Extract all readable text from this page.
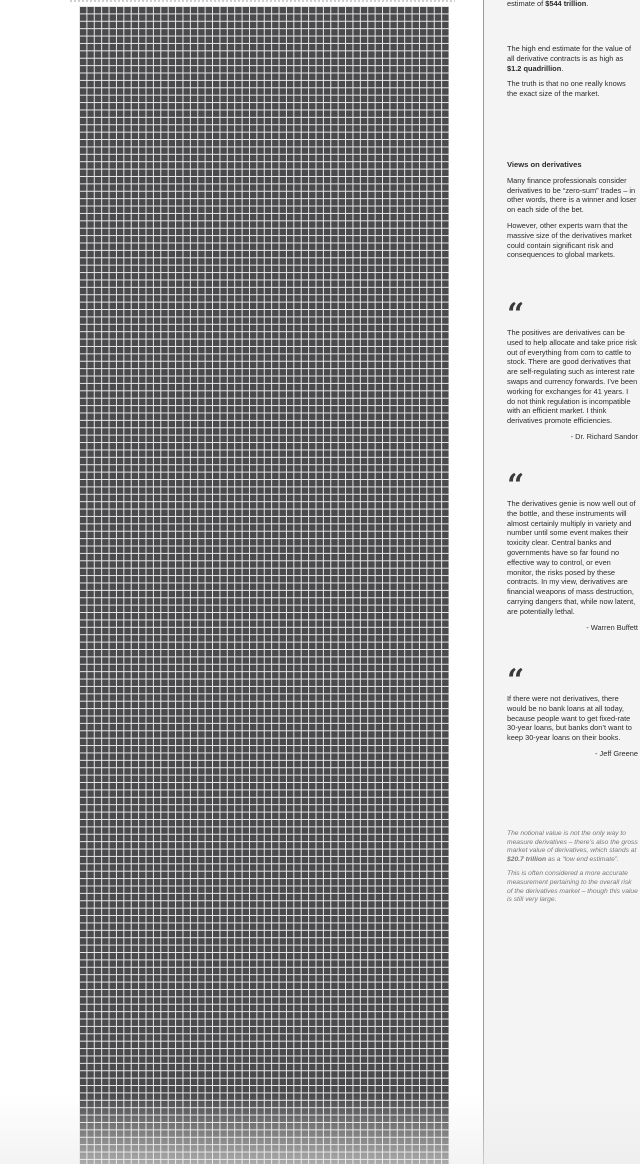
estimate of $544 trillion.

The high end estimate for the value of all derivative contracts is as high as $1.2 quadrillion.

The truth is that no one really knows the exact size of the market.

Views on derivatives

Many finance professionals consider derivatives to be “zero-sum” trades – in other words, there is a winner and loser on each side of the bet.

However, other experts warn that the massive size of the derivatives market could contain significant risk and consequences to global markets.

“
The positives are derivatives can be used to help allocate and take price risk out of everything from corn to cattle to stock. There are good derivatives that are self-regulating such as interest rate swaps and currency forwards. I’ve been working for exchanges for 41 years. I do not think regulation is incompatible with an efficient market. I think derivatives promote efficiencies.
- Dr. Richard Sandor
“
The derivatives genie is now well out of the bottle, and these instruments will almost certainly multiply in variety and number until some event makes their toxicity clear. Central banks and governments have so far found no effective way to control, or even monitor, the risks posed by these contracts. In my view, derivatives are financial weapons of mass destruction, carrying dangers that, while now latent, are potentially lethal.
- Warren Buffett
“
If there were not derivatives, there would be no bank loans at all today, because people want to get fixed-rate 30-year loans, but banks don’t want to keep 30-year loans on their books.
- Jeff Greene

The notional value is not the only way to measure derivatives – there’s also the gross market value of derivatives, which stands at $20.7 trillion as a “low end estimate”.

This is often considered a more accurate measurement pertaining to the overall risk of the derivatives market – though this value is still very large.
